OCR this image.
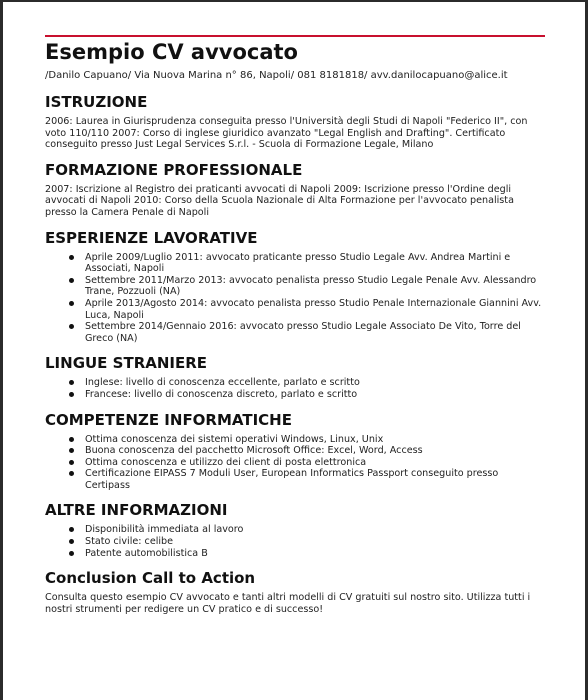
Esempio CV avvocato
/Danilo Capuano/ Via Nuova Marina n° 86, Napoli/ 081 8181818/ avv.danilocapuano@alice.it
ISTRUZIONE

2006: Laurea in Giurisprudenza conseguita presso l'Università degli Studi di Napoli "Federico II", con voto 110/110 2007: Corso di inglese giuridico avanzato "Legal English and Drafting". Certificato conseguito presso Just Legal Services S.r.l. - Scuola di Formazione Legale, Milano

FORMAZIONE PROFESSIONALE

2007: Iscrizione al Registro dei praticanti avvocati di Napoli 2009: Iscrizione presso l'Ordine degli avvocati di Napoli 2010: Corso della Scuola Nazionale di Alta Formazione per l'avvocato penalista presso la Camera Penale di Napoli

ESPERIENZE LAVORATIVE
Aprile 2009/Luglio 2011: avvocato praticante presso Studio Legale Avv. Andrea Martini e Associati, Napoli
Settembre 2011/Marzo 2013: avvocato penalista presso Studio Legale Penale Avv. Alessandro Trane, Pozzuoli (NA)
Aprile 2013/Agosto 2014: avvocato penalista presso Studio Penale Internazionale Giannini Avv. Luca, Napoli
Settembre 2014/Gennaio 2016: avvocato presso Studio Legale Associato De Vito, Torre del Greco (NA)
LINGUE STRANIERE
Inglese: livello di conoscenza eccellente, parlato e scritto
Francese: livello di conoscenza discreto, parlato e scritto
COMPETENZE INFORMATICHE
Ottima conoscenza dei sistemi operativi Windows, Linux, Unix
Buona conoscenza del pacchetto Microsoft Office: Excel, Word, Access
Ottima conoscenza e utilizzo dei client di posta elettronica
Certificazione EIPASS 7 Moduli User, European Informatics Passport conseguito presso Certipass
ALTRE INFORMAZIONI
Disponibilità immediata al lavoro
Stato civile: celibe
Patente automobilistica B
Conclusion Call to Action

Consulta questo esempio CV avvocato e tanti altri modelli di CV gratuiti sul nostro sito. Utilizza tutti i nostri strumenti per redigere un CV pratico e di successo!
